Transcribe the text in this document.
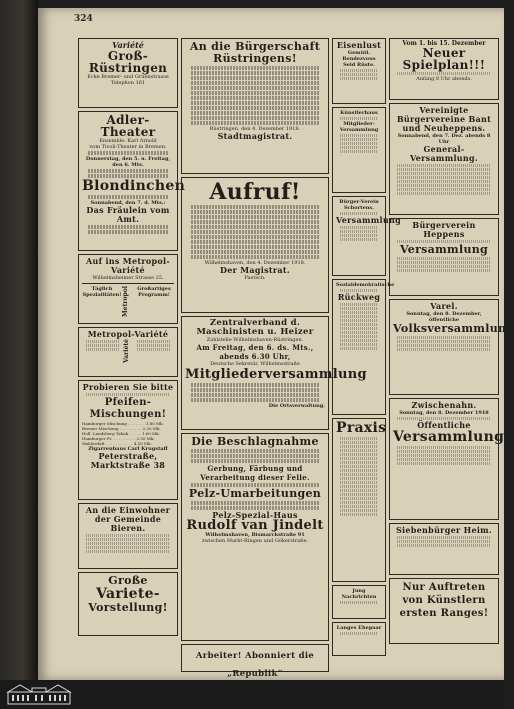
324
Variété
Groß-Rüstringen
Ecke Bremer- und Gruenstrasse
Telephon 161
Adler-Theater
Ensemble: Karl Arnold
vom Tivoli-Theater in Bremen.
Donnerstag, den 5. u. Freitag, den 6. Mts.
Blondinchen
Sonnabend, den 7. d. Mts.:
Das Fräulein vom Amt.
Auf ins Metropol-Variété
Wilhelmsheimer Strasse 25.
Täglich
Spezialitäten! Metropol	Großartiges
Programm!
Metropol-Variété
Variété
Probieren Sie bitte
Pfeifen-Mischungen!
Hamburger Mischung . . . . . . . 1.80 Mk.
Bremer Mischung . . . . . . . . . 2.20 Mk.
Holl. Landsberg Tabak . . . . . 1.60 Mk.
Hamburger Pt. . . . . . . . . . 3.50 Mk.
Waldesduft . . . . . . . . . . . 4.50 Mk.
Zigarrenhaus Carl Krugstaff
Peterstraße, Marktstraße 38
An die Einwohner der Gemeinde Bieren.
Große
Variete-
Vorstellung!
An die Bürgerschaft Rüstringens!
Rüstringen, den 4. Dezember 1918.
Stadtmagistrat.
Aufruf!
Wilhelmshaven, den 4. Dezember 1918.
Der Magistrat.
Paetsch.
Zentralverband d. Maschinisten u. Heizer
Zahlstelle Wilhelmshaven-Rüstringen.
Am Freitag, den 6. ds. Mts., abends 6.30 Uhr,
Deutsche Sekretär, Wilhelmsstraße
Mitgliederversammlung
Die Ortsverwaltung.
Die Beschlagnahme
Gerbung, Färbung und Verarbeitung dieser Felle.
Pelz-Umarbeitungen
Pelz-Spezial-Haus
Rudolf van Jindelt
Wilhelmshaven, Bismarckstraße 91
zwischen Markt-Ringen und Gökerstraße.
Arbeiter! Abonniert die „Republik“
Eisenlust
Gemütl. Rendezvous Seid Rüste.
Künstlerhaus
Mitglieder-Versammlung
Bürger-Verein Schortens.
Versammlung
Sozialdemokratische
Rückweg
Praxis
Jung Nachrichten
Langes Ehepaar
Vom 1. bis 15. Dezember
Neuer Spielplan!!!
Anfang 8 Uhr abends.
Vereinigte Bürgervereine Bant und Neuheppens.
Sonnabend, den 7. Dez. abends 8 Uhr
General-Versammlung.
Bürgerverein Heppens
Versammlung
Varel.
Sonntag, den 8. Dezember,
öffentliche
Volksversammlung
Zwischenahn.
Sonntag, den 8. Dezember 1918
Öffentliche
Versammlung
Siebenbürger Heim.
Nur Auftreten
von Künstlern
ersten Ranges!
